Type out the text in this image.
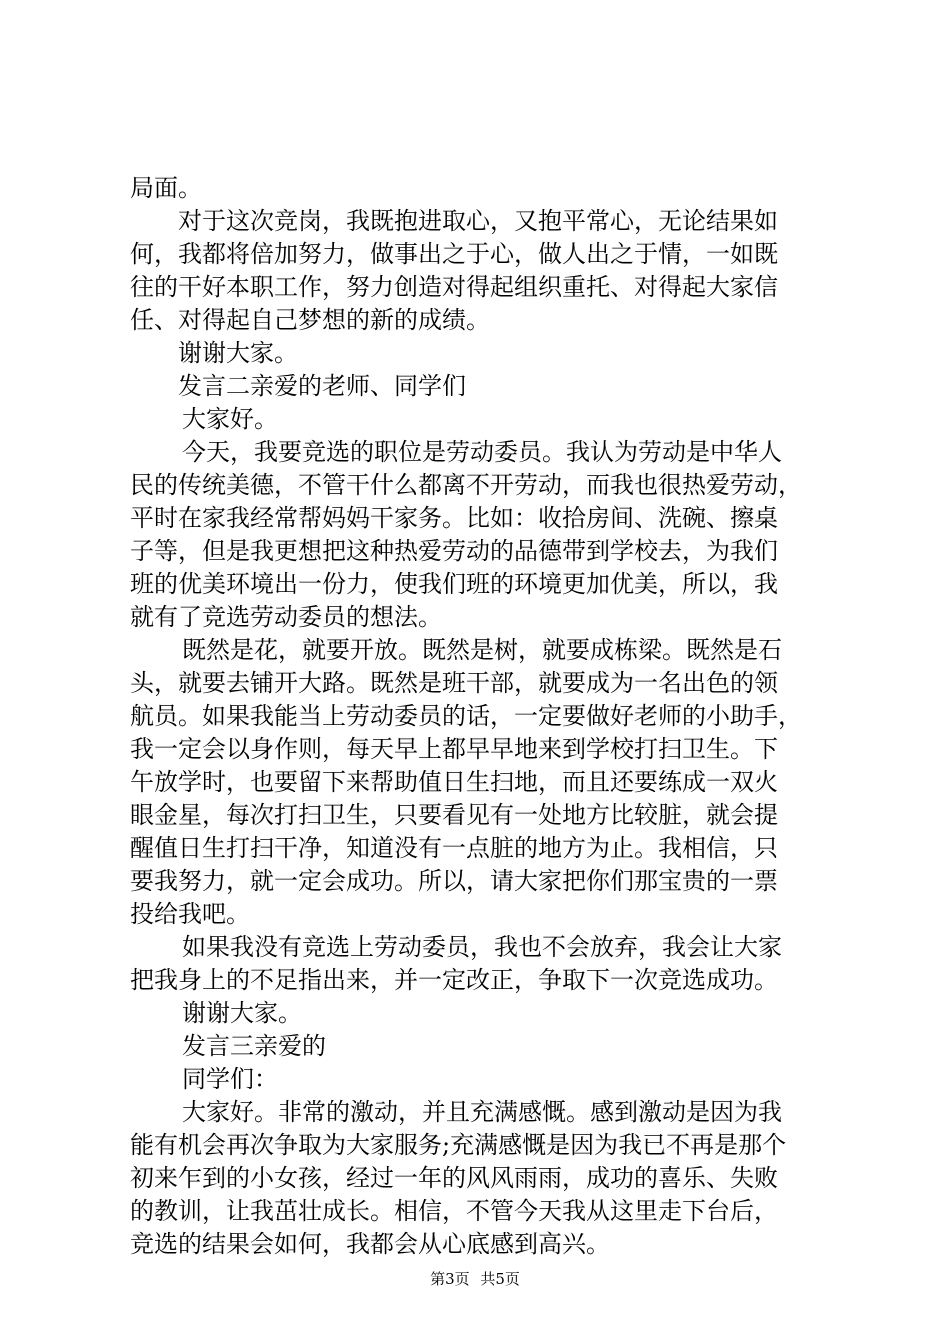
局面。
对于这次竞岗，我既抱进取心，又抱平常心，无论结果如
何，我都将倍加努力，做事出之于心，做人出之于情，一如既
往的干好本职工作，努力创造对得起组织重托、对得起大家信
任、对得起自己梦想的新的成绩。
谢谢大家。
发言二亲爱的老师、同学们
大家好。
今天，我要竞选的职位是劳动委员。我认为劳动是中华人
民的传统美德，不管干什么都离不开劳动，而我也很热爱劳动，
平时在家我经常帮妈妈干家务。比如：收拾房间、洗碗、擦桌
子等，但是我更想把这种热爱劳动的品德带到学校去，为我们
班的优美环境出一份力，使我们班的环境更加优美，所以，我
就有了竞选劳动委员的想法。
既然是花，就要开放。既然是树，就要成栋梁。既然是石
头，就要去铺开大路。既然是班干部，就要成为一名出色的领
航员。如果我能当上劳动委员的话，一定要做好老师的小助手，
我一定会以身作则，每天早上都早早地来到学校打扫卫生。下
午放学时，也要留下来帮助值日生扫地，而且还要练成一双火
眼金星，每次打扫卫生，只要看见有一处地方比较脏，就会提
醒值日生打扫干净，知道没有一点脏的地方为止。我相信，只
要我努力，就一定会成功。所以，请大家把你们那宝贵的一票
投给我吧。
如果我没有竞选上劳动委员，我也不会放弃，我会让大家
把我身上的不足指出来，并一定改正，争取下一次竞选成功。
谢谢大家。
发言三亲爱的
同学们：
大家好。非常的激动，并且充满感慨。感到激动是因为我
能有机会再次争取为大家服务;充满感慨是因为我已不再是那个
初来乍到的小女孩，经过一年的风风雨雨，成功的喜乐、失败
的教训，让我茁壮成长。相信，不管今天我从这里走下台后，
竞选的结果会如何，我都会从心底感到高兴。
第3页 共5页
